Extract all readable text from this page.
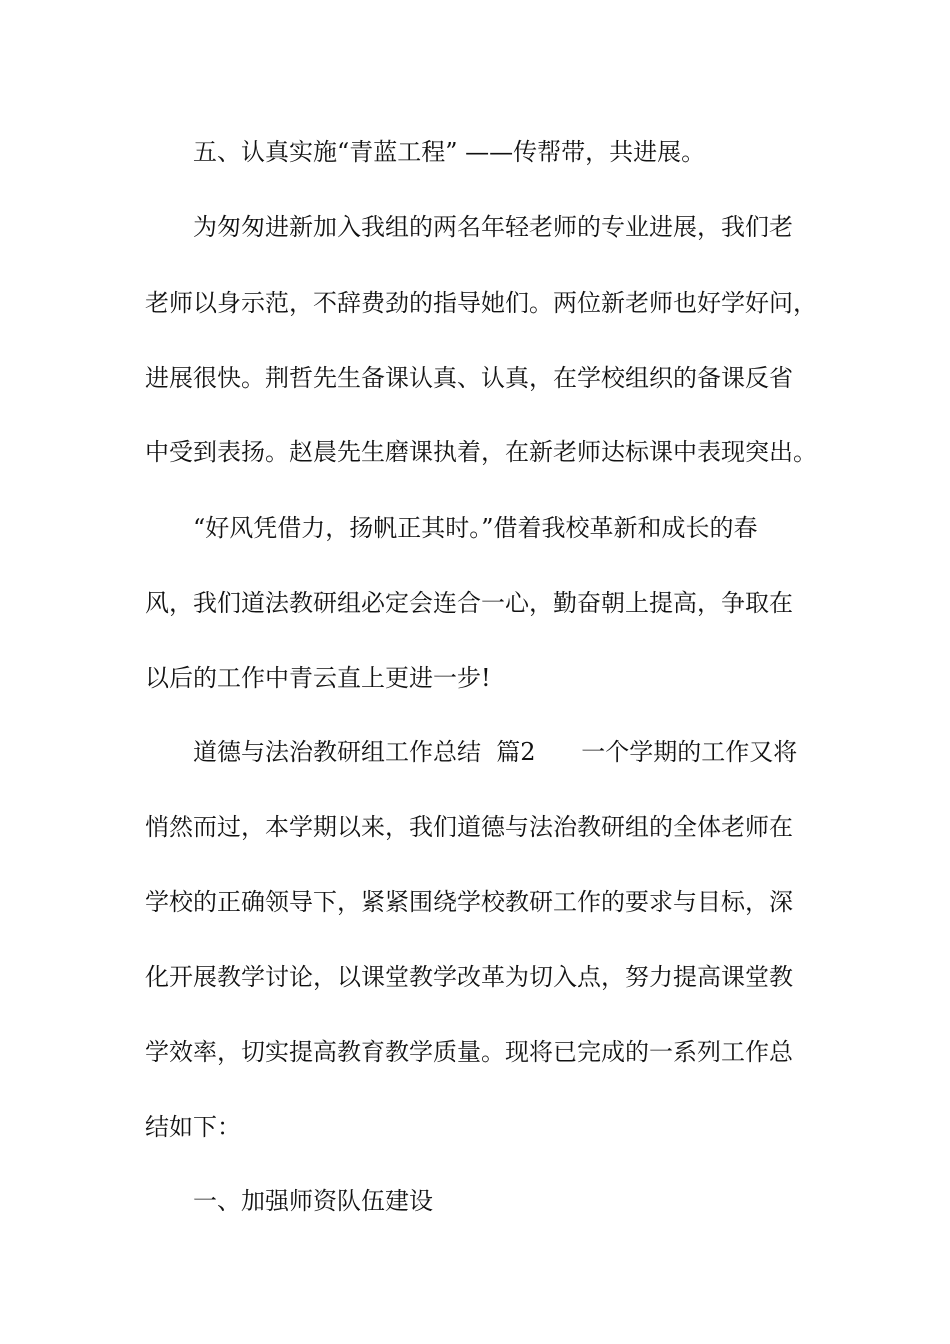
五、认真实施“青蓝工程” ——传帮带，共进展。
为匆匆进新加入我组的两名年轻老师的专业进展，我们老
老师以身示范，不辞费劲的指导她们。两位新老师也好学好问，
进展很快。荆哲先生备课认真、认真，在学校组织的备课反省
中受到表扬。赵晨先生磨课执着，在新老师达标课中表现突出。
“好风凭借力，扬帆正其时。”借着我校革新和成长的春
风，我们道法教研组必定会连合一心，勤奋朝上提高，争取在
以后的工作中青云直上更进一步!
道德与法治教研组工作总结  篇2      一个学期的工作又将
悄然而过，本学期以来，我们道德与法治教研组的全体老师在
学校的正确领导下，紧紧围绕学校教研工作的要求与目标，深
化开展教学讨论，以课堂教学改革为切入点，努力提高课堂教
学效率，切实提高教育教学质量。现将已完成的一系列工作总
结如下：
一、加强师资队伍建设
